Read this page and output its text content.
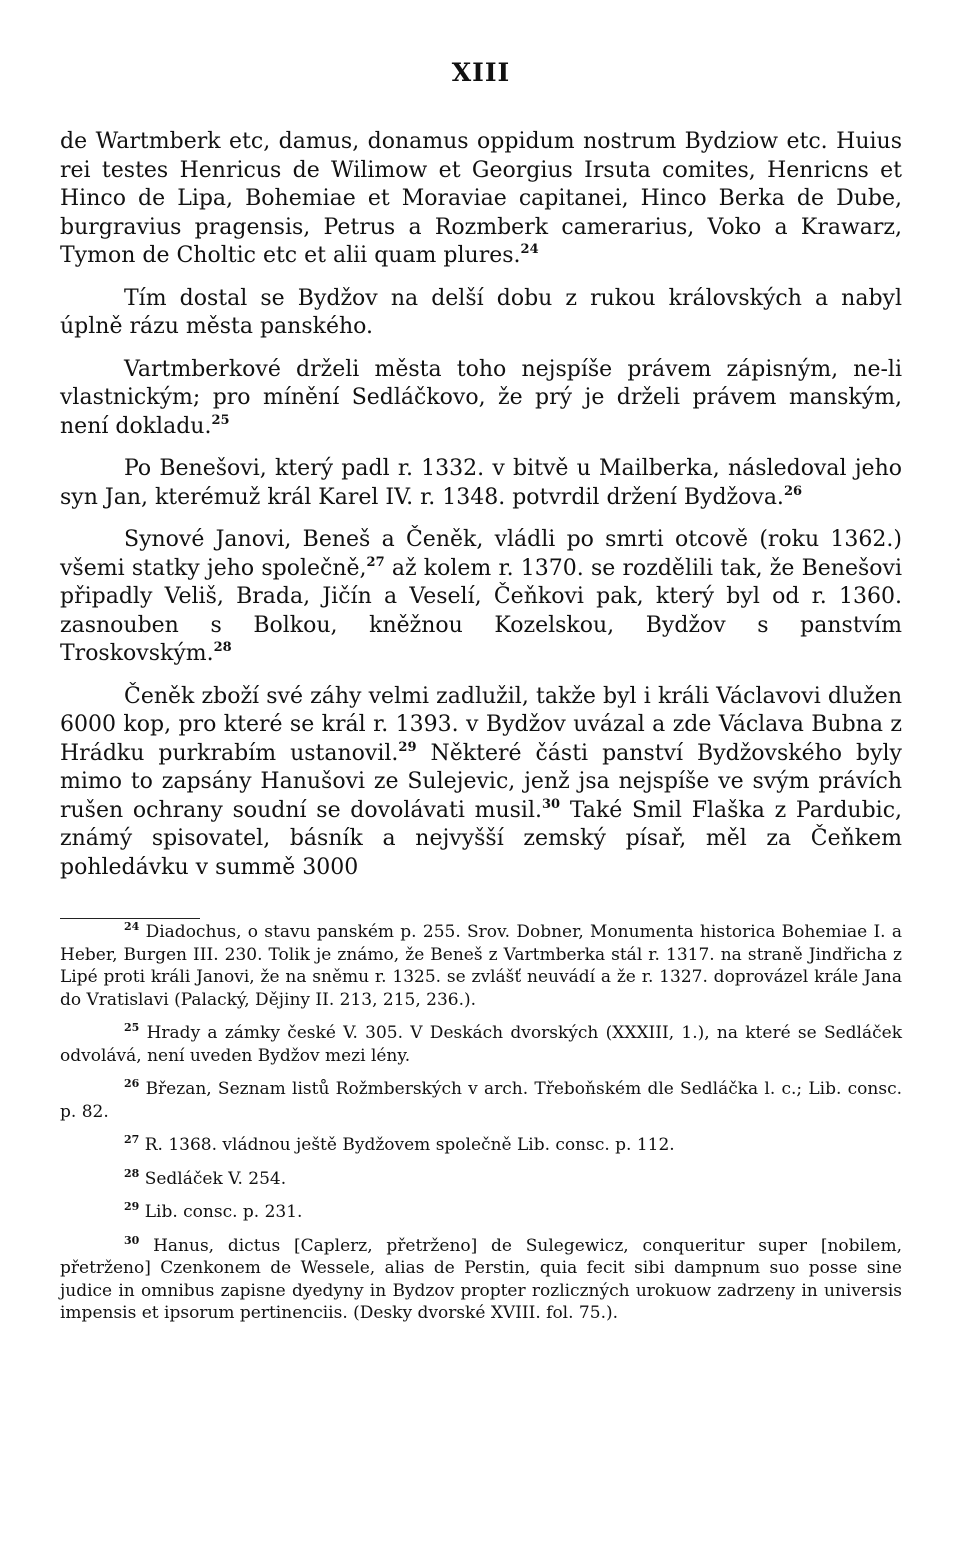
XIII

de Wartmberk etc, damus, donamus oppidum nostrum Bydziow etc. Huius rei testes Henricus de Wilimow et Georgius Irsuta comites, Henricns et Hinco de Lipa, Bohemiae et Moraviae capitanei, Hinco Berka de Dube, burgravius pragensis, Petrus a Rozmberk camerarius, Voko a Krawarz, Tymon de Choltic etc et alii quam plures.$^{24}$

Tím dostal se Bydžov na delší dobu z rukou královských a nabyl úplně rázu města panského.

Vartmberkové drželi města toho nejspíše právem zápisným, ne-li vlastnickým; pro mínění Sedláčkovo, že prý je drželi právem manským, není dokladu.$^{25}$

Po Benešovi, který padl r. 1332. v bitvě u Mailberka, následoval jeho syn Jan, kterémuž král Karel IV. r. 1348. potvrdil držení Bydžova.$^{26}$

Synové Janovi, Beneš a Čeněk, vládli po smrti otcově (roku 1362.) všemi statky jeho společně,$^{27}$ až kolem r. 1370. se rozdělili tak, že Benešovi připadly Veliš, Brada, Jičín a Veselí, Čeňkovi pak, který byl od r. 1360. zasnouben s Bolkou, kněžnou Kozelskou, Bydžov s panstvím Troskovským.$^{28}$

Čeněk zboží své záhy velmi zadlužil, takže byl i králi Václavovi dlužen 6000 kop, pro které se král r. 1393. v Bydžov uvázal a zde Václava Bubna z Hrádku purkrabím ustanovil.$^{29}$ Některé části panství Bydžovského byly mimo to zapsány Hanušovi ze Sulejevic, jenž jsa nejspíše ve svým právích rušen ochrany soudní se dovolávati musil.$^{30}$ Také Smil Flaška z Pardubic, známý spisovatel, básník a nejvyšší zemský písař, měl za Čeňkem pohledávku v summě 3000

$^{24}$ Diadochus, o stavu panském p. 255. Srov. Dobner, Monumenta historica Bohemiae I. a Heber, Burgen III. 230. Tolik je známo, že Beneš z Vartmberka stál r. 1317. na straně Jindřicha z Lipé proti králi Janovi, že na sněmu r. 1325. se zvlášť neuvádí a že r. 1327. doprovázel krále Jana do Vratislavi (Palacký, Dějiny II. 213, 215, 236.).

$^{25}$ Hrady a zámky české V. 305. V Deskách dvorských (XXXIII, 1.), na které se Sedláček odvolává, není uveden Bydžov mezi lény.

$^{26}$ Březan, Seznam listů Rožmberských v arch. Třeboňském dle Sedláčka l. c.; Lib. consc. p. 82.

$^{27}$ R. 1368. vládnou ještě Bydžovem společně Lib. consc. p. 112.

$^{28}$ Sedláček V. 254.

$^{29}$ Lib. consc. p. 231.

$^{30}$ Hanus, dictus [Caplerz, přetrženo] de Sulegewicz, conqueritur super [nobilem, přetrženo] Czenkonem de Wessele, alias de Perstin, quia fecit sibi dampnum suo posse sine judice in omnibus zapisne dyedyny in Bydzov propter rozliczných urokuow zadrzeny in universis impensis et ipsorum pertinenciis. (Desky dvorské XVIII. fol. 75.).
